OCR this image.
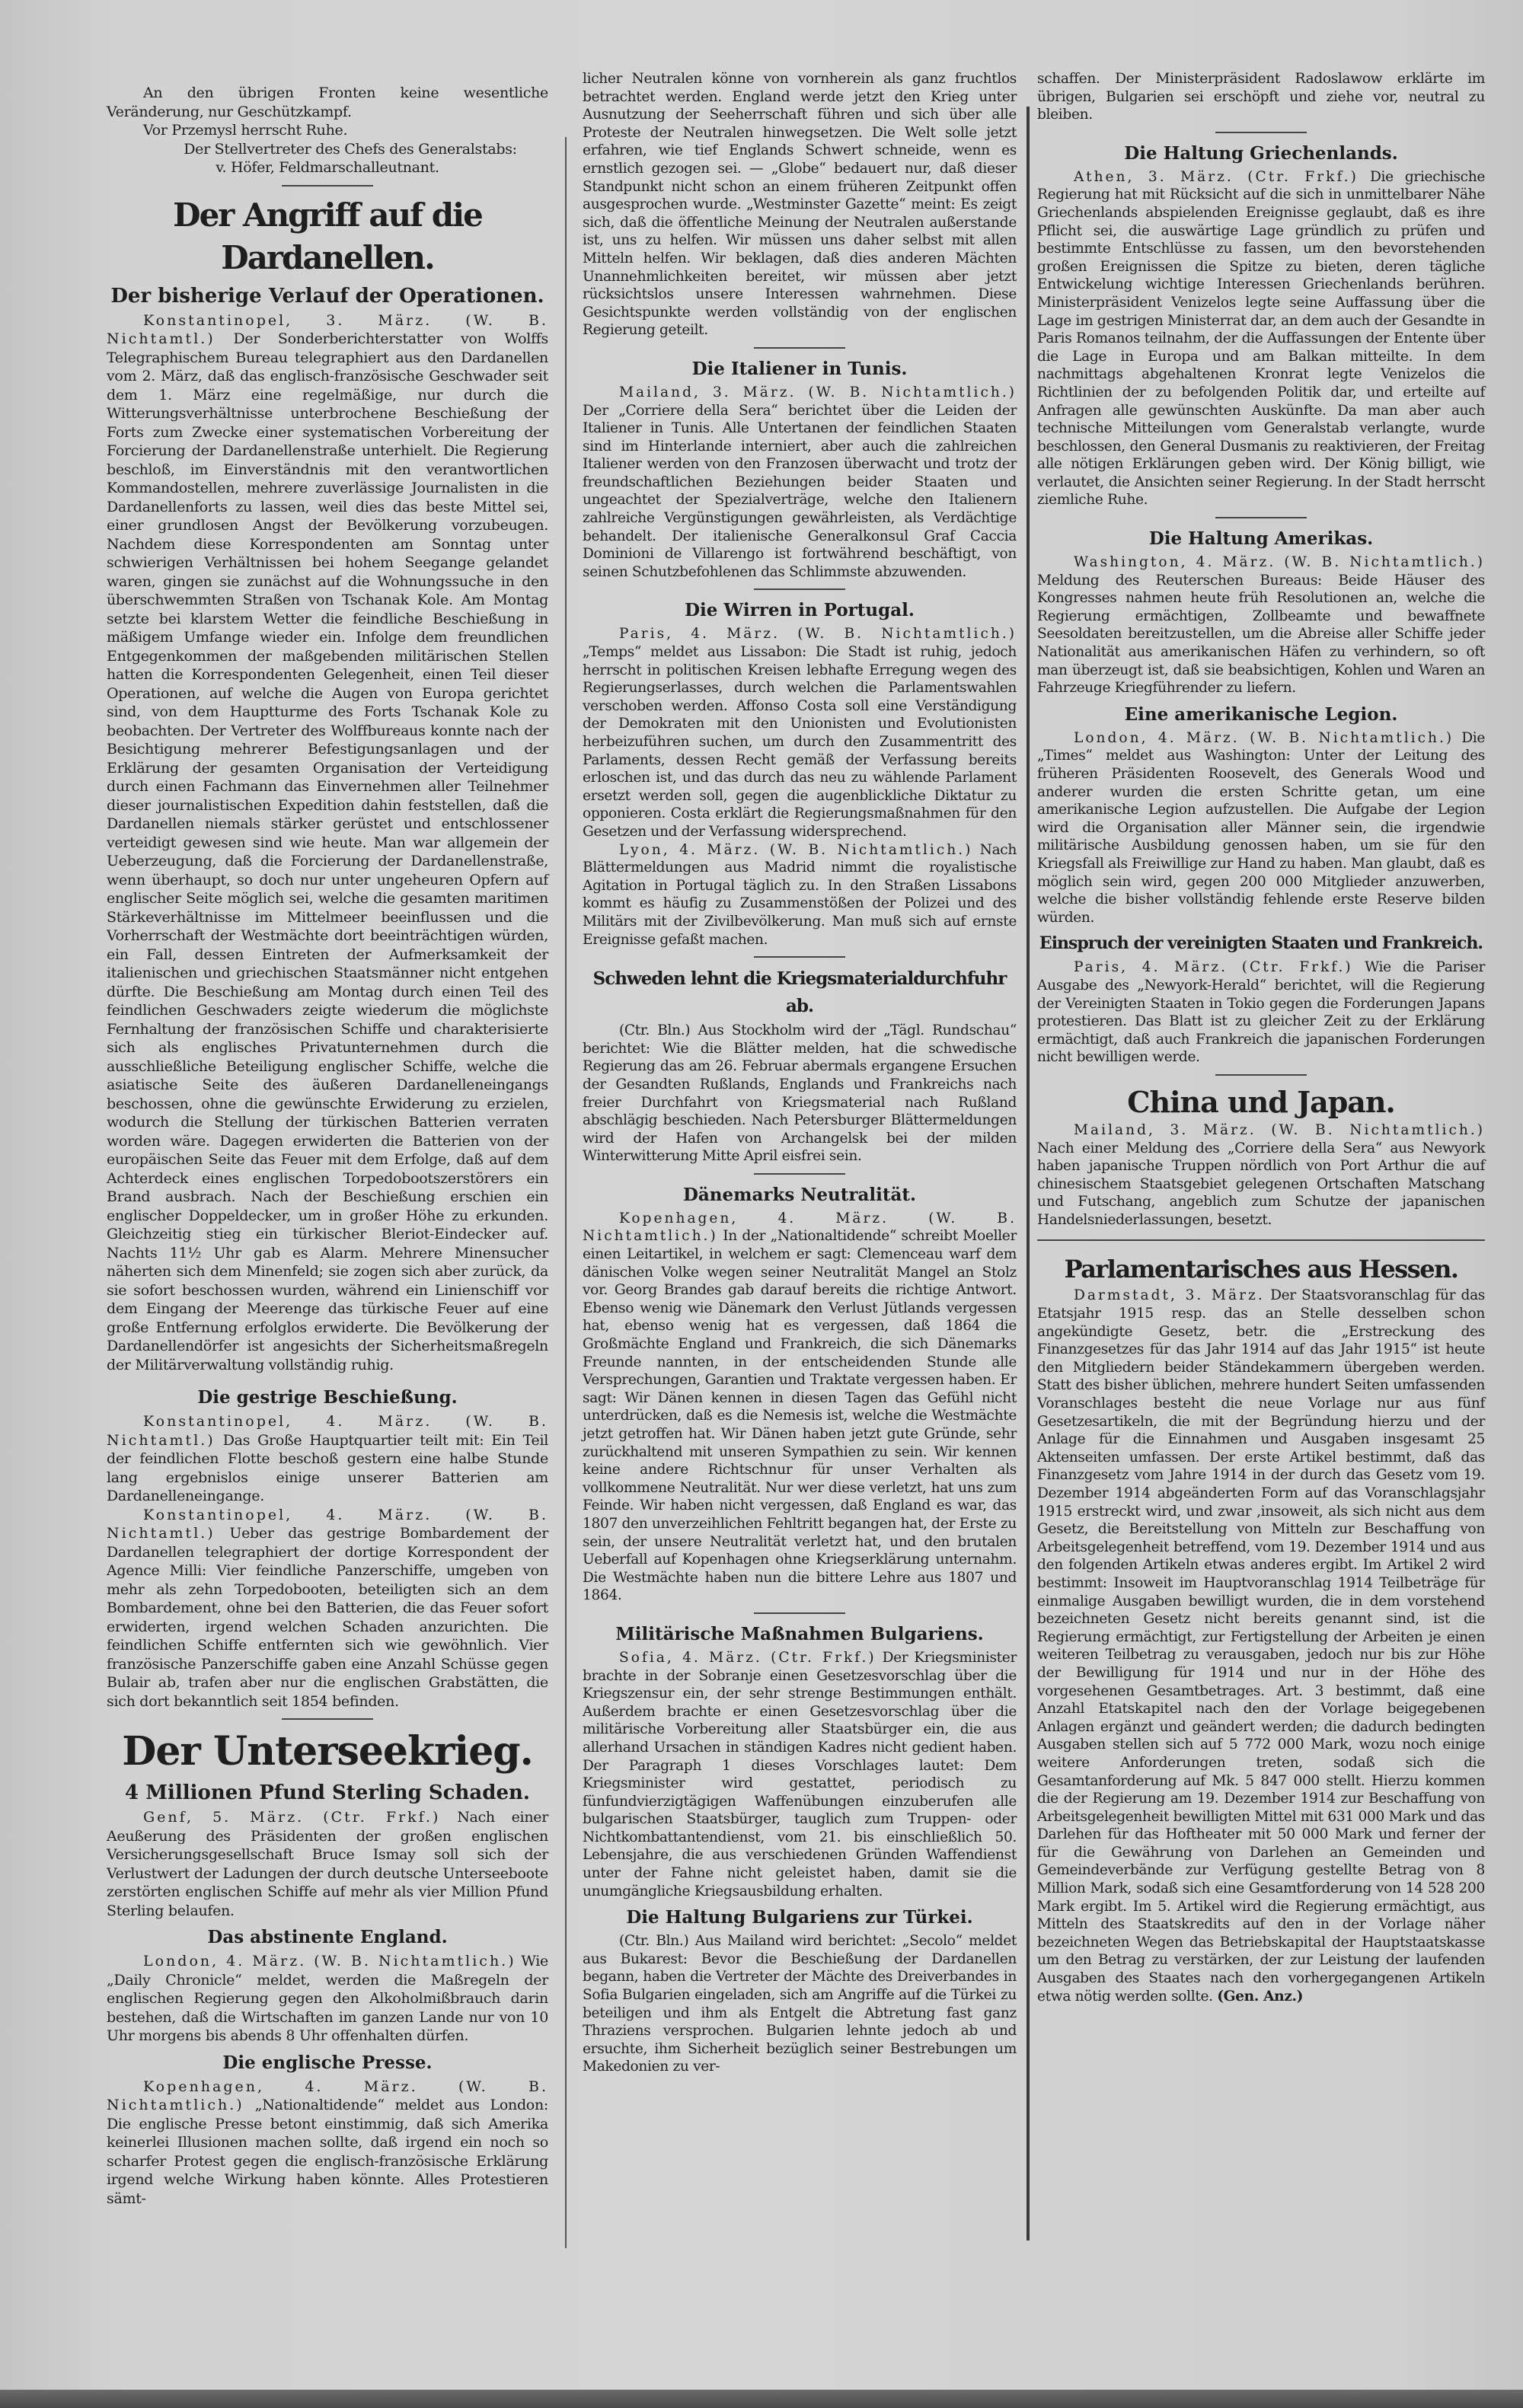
An den übrigen Fronten keine wesentliche Veränderung, nur Geschützkampf.

Vor Przemysl herrscht Ruhe.

Der Stellvertreter des Chefs des Generalstabs:

v. Höfer, Feldmarschalleutnant.

Der Angriff auf die Dardanellen.
Der bisherige Verlauf der Operationen.

Konstantinopel, 3. März. (W. B. Nichtamtl.) Der Sonderberichterstatter von Wolffs Telegraphischem Bureau telegraphiert aus den Dardanellen vom 2. März, daß das englisch-französische Geschwader seit dem 1. März eine regelmäßige, nur durch die Witterungsverhältnisse unterbrochene Beschießung der Forts zum Zwecke einer systematischen Vorbereitung der Forcierung der Dardanellenstraße unterhielt. Die Regierung beschloß, im Einverständnis mit den verantwortlichen Kommandostellen, mehrere zuverlässige Journalisten in die Dardanellenforts zu lassen, weil dies das beste Mittel sei, einer grundlosen Angst der Bevölkerung vorzubeugen. Nachdem diese Korrespondenten am Sonntag unter schwierigen Verhältnissen bei hohem Seegange gelandet waren, gingen sie zunächst auf die Wohnungssuche in den überschwemmten Straßen von Tschanak Kole. Am Montag setzte bei klarstem Wetter die feindliche Beschießung in mäßigem Umfange wieder ein. Infolge dem freundlichen Entgegenkommen der maßgebenden militärischen Stellen hatten die Korrespondenten Gelegenheit, einen Teil dieser Operationen, auf welche die Augen von Europa gerichtet sind, von dem Hauptturme des Forts Tschanak Kole zu beobachten. Der Vertreter des Wolffbureaus konnte nach der Besichtigung mehrerer Befestigungsanlagen und der Erklärung der gesamten Organisation der Verteidigung durch einen Fachmann das Einvernehmen aller Teilnehmer dieser journalistischen Expedition dahin feststellen, daß die Dardanellen niemals stärker gerüstet und entschlossener verteidigt gewesen sind wie heute. Man war allgemein der Ueberzeugung, daß die Forcierung der Dardanellenstraße, wenn überhaupt, so doch nur unter ungeheuren Opfern auf englischer Seite möglich sei, welche die gesamten maritimen Stärkeverhältnisse im Mittelmeer beeinflussen und die Vorherrschaft der Westmächte dort beeinträchtigen würden, ein Fall, dessen Eintreten der Aufmerksamkeit der italienischen und griechischen Staatsmänner nicht entgehen dürfte. Die Beschießung am Montag durch einen Teil des feindlichen Geschwaders zeigte wiederum die möglichste Fernhaltung der französischen Schiffe und charakterisierte sich als englisches Privatunternehmen durch die ausschließliche Beteiligung englischer Schiffe, welche die asiatische Seite des äußeren Dardanelleneingangs beschossen, ohne die gewünschte Erwiderung zu erzielen, wodurch die Stellung der türkischen Batterien verraten worden wäre. Dagegen erwiderten die Batterien von der europäischen Seite das Feuer mit dem Erfolge, daß auf dem Achterdeck eines englischen Torpedobootszerstörers ein Brand ausbrach. Nach der Beschießung erschien ein englischer Doppeldecker, um in großer Höhe zu erkunden. Gleichzeitig stieg ein türkischer Bleriot-Eindecker auf. Nachts 11½ Uhr gab es Alarm. Mehrere Minensucher näherten sich dem Minenfeld; sie zogen sich aber zurück, da sie sofort beschossen wurden, während ein Linienschiff vor dem Eingang der Meerenge das türkische Feuer auf eine große Entfernung erfolglos erwiderte. Die Bevölkerung der Dardanellendörfer ist angesichts der Sicherheitsmaßregeln der Militärverwaltung vollständig ruhig.

Die gestrige Beschießung.

Konstantinopel, 4. März. (W. B. Nichtamtl.) Das Große Hauptquartier teilt mit: Ein Teil der feindlichen Flotte beschoß gestern eine halbe Stunde lang ergebnislos einige unserer Batterien am Dardanelleneingange.

Konstantinopel, 4. März. (W. B. Nichtamtl.) Ueber das gestrige Bombardement der Dardanellen telegraphiert der dortige Korrespondent der Agence Milli: Vier feindliche Panzerschiffe, umgeben von mehr als zehn Torpedobooten, beteiligten sich an dem Bombardement, ohne bei den Batterien, die das Feuer sofort erwiderten, irgend welchen Schaden anzurichten. Die feindlichen Schiffe entfernten sich wie gewöhnlich. Vier französische Panzerschiffe gaben eine Anzahl Schüsse gegen Bulair ab, trafen aber nur die englischen Grabstätten, die sich dort bekanntlich seit 1854 befinden.

Der Unterseekrieg.
4 Millionen Pfund Sterling Schaden.

Genf, 5. März. (Ctr. Frkf.) Nach einer Aeußerung des Präsidenten der großen englischen Versicherungsgesellschaft Bruce Ismay soll sich der Verlustwert der Ladungen der durch deutsche Unterseeboote zerstörten englischen Schiffe auf mehr als vier Million Pfund Sterling belaufen.

Das abstinente England.

London, 4. März. (W. B. Nichtamtlich.) Wie „Daily Chronicle“ meldet, werden die Maßregeln der englischen Regierung gegen den Alkoholmißbrauch darin bestehen, daß die Wirtschaften im ganzen Lande nur von 10 Uhr morgens bis abends 8 Uhr offenhalten dürfen.

Die englische Presse.

Kopenhagen, 4. März. (W. B. Nichtamtlich.) „Nationaltidende“ meldet aus London: Die englische Presse betont einstimmig, daß sich Amerika keinerlei Illusionen machen sollte, daß irgend ein noch so scharfer Protest gegen die englisch-französische Erklärung irgend welche Wirkung haben könnte. Alles Protestieren sämt-

licher Neutralen könne von vornherein als ganz fruchtlos betrachtet werden. England werde jetzt den Krieg unter Ausnutzung der Seeherrschaft führen und sich über alle Proteste der Neutralen hinwegsetzen. Die Welt solle jetzt erfahren, wie tief Englands Schwert schneide, wenn es ernstlich gezogen sei. — „Globe“ bedauert nur, daß dieser Standpunkt nicht schon an einem früheren Zeitpunkt offen ausgesprochen wurde. „Westminster Gazette“ meint: Es zeigt sich, daß die öffentliche Meinung der Neutralen außerstande ist, uns zu helfen. Wir müssen uns daher selbst mit allen Mitteln helfen. Wir beklagen, daß dies anderen Mächten Unannehmlichkeiten bereitet, wir müssen aber jetzt rücksichtslos unsere Interessen wahrnehmen. Diese Gesichtspunkte werden vollständig von der englischen Regierung geteilt.

Die Italiener in Tunis.

Mailand, 3. März. (W. B. Nichtamtlich.) Der „Corriere della Sera“ berichtet über die Leiden der Italiener in Tunis. Alle Untertanen der feindlichen Staaten sind im Hinterlande interniert, aber auch die zahlreichen Italiener werden von den Franzosen überwacht und trotz der freundschaftlichen Beziehungen beider Staaten und ungeachtet der Spezialverträge, welche den Italienern zahlreiche Vergünstigungen gewährleisten, als Verdächtige behandelt. Der italienische Generalkonsul Graf Caccia Dominioni de Villarengo ist fortwährend beschäftigt, von seinen Schutzbefohlenen das Schlimmste abzuwenden.

Die Wirren in Portugal.

Paris, 4. März. (W. B. Nichtamtlich.) „Temps“ meldet aus Lissabon: Die Stadt ist ruhig, jedoch herrscht in politischen Kreisen lebhafte Erregung wegen des Regierungserlasses, durch welchen die Parlamentswahlen verschoben werden. Affonso Costa soll eine Verständigung der Demokraten mit den Unionisten und Evolutionisten herbeizuführen suchen, um durch den Zusammentritt des Parlaments, dessen Recht gemäß der Verfassung bereits erloschen ist, und das durch das neu zu wählende Parlament ersetzt werden soll, gegen die augenblickliche Diktatur zu opponieren. Costa erklärt die Regierungsmaßnahmen für den Gesetzen und der Verfassung widersprechend.

Lyon, 4. März. (W. B. Nichtamtlich.) Nach Blättermeldungen aus Madrid nimmt die royalistische Agitation in Portugal täglich zu. In den Straßen Lissabons kommt es häufig zu Zusammenstößen der Polizei und des Militärs mit der Zivilbevölkerung. Man muß sich auf ernste Ereignisse gefaßt machen.

Schweden lehnt die Kriegsmaterialdurchfuhr ab.

(Ctr. Bln.) Aus Stockholm wird der „Tägl. Rundschau“ berichtet: Wie die Blätter melden, hat die schwedische Regierung das am 26. Februar abermals ergangene Ersuchen der Gesandten Rußlands, Englands und Frankreichs nach freier Durchfahrt von Kriegsmaterial nach Rußland abschlägig beschieden. Nach Petersburger Blättermeldungen wird der Hafen von Archangelsk bei der milden Winterwitterung Mitte April eisfrei sein.

Dänemarks Neutralität.

Kopenhagen, 4. März. (W. B. Nichtamtlich.) In der „Nationaltidende“ schreibt Moeller einen Leitartikel, in welchem er sagt: Clemenceau warf dem dänischen Volke wegen seiner Neutralität Mangel an Stolz vor. Georg Brandes gab darauf bereits die richtige Antwort. Ebenso wenig wie Dänemark den Verlust Jütlands vergessen hat, ebenso wenig hat es vergessen, daß 1864 die Großmächte England und Frankreich, die sich Dänemarks Freunde nannten, in der entscheidenden Stunde alle Versprechungen, Garantien und Traktate vergessen haben. Er sagt: Wir Dänen kennen in diesen Tagen das Gefühl nicht unterdrücken, daß es die Nemesis ist, welche die Westmächte jetzt getroffen hat. Wir Dänen haben jetzt gute Gründe, sehr zurückhaltend mit unseren Sympathien zu sein. Wir kennen keine andere Richtschnur für unser Verhalten als vollkommene Neutralität. Nur wer diese verletzt, hat uns zum Feinde. Wir haben nicht vergessen, daß England es war, das 1807 den unverzeihlichen Fehltritt begangen hat, der Erste zu sein, der unsere Neutralität verletzt hat, und den brutalen Ueberfall auf Kopenhagen ohne Kriegserklärung unternahm. Die Westmächte haben nun die bittere Lehre aus 1807 und 1864.

Militärische Maßnahmen Bulgariens.

Sofia, 4. März. (Ctr. Frkf.) Der Kriegsminister brachte in der Sobranje einen Gesetzesvorschlag über die Kriegszensur ein, der sehr strenge Bestimmungen enthält. Außerdem brachte er einen Gesetzesvorschlag über die militärische Vorbereitung aller Staatsbürger ein, die aus allerhand Ursachen in ständigen Kadres nicht gedient haben. Der Paragraph 1 dieses Vorschlages lautet: Dem Kriegsminister wird gestattet, periodisch zu fünfundvierzigtägigen Waffenübungen einzuberufen alle bulgarischen Staatsbürger, tauglich zum Truppen- oder Nichtkombattantendienst, vom 21. bis einschließlich 50. Lebensjahre, die aus verschiedenen Gründen Waffendienst unter der Fahne nicht geleistet haben, damit sie die unumgängliche Kriegsausbildung erhalten.

Die Haltung Bulgariens zur Türkei.

(Ctr. Bln.) Aus Mailand wird berichtet: „Secolo“ meldet aus Bukarest: Bevor die Beschießung der Dardanellen begann, haben die Vertreter der Mächte des Dreiverbandes in Sofia Bulgarien eingeladen, sich am Angriffe auf die Türkei zu beteiligen und ihm als Entgelt die Abtretung fast ganz Thraziens versprochen. Bulgarien lehnte jedoch ab und ersuchte, ihm Sicherheit bezüglich seiner Bestrebungen um Makedonien zu ver-

schaffen. Der Ministerpräsident Radoslawow erklärte im übrigen, Bulgarien sei erschöpft und ziehe vor, neutral zu bleiben.

Die Haltung Griechenlands.

Athen, 3. März. (Ctr. Frkf.) Die griechische Regierung hat mit Rücksicht auf die sich in unmittelbarer Nähe Griechenlands abspielenden Ereignisse geglaubt, daß es ihre Pflicht sei, die auswärtige Lage gründlich zu prüfen und bestimmte Entschlüsse zu fassen, um den bevorstehenden großen Ereignissen die Spitze zu bieten, deren tägliche Entwickelung wichtige Interessen Griechenlands berühren. Ministerpräsident Venizelos legte seine Auffassung über die Lage im gestrigen Ministerrat dar, an dem auch der Gesandte in Paris Romanos teilnahm, der die Auffassungen der Entente über die Lage in Europa und am Balkan mitteilte. In dem nachmittags abgehaltenen Kronrat legte Venizelos die Richtlinien der zu befolgenden Politik dar, und erteilte auf Anfragen alle gewünschten Auskünfte. Da man aber auch technische Mitteilungen vom Generalstab verlangte, wurde beschlossen, den General Dusmanis zu reaktivieren, der Freitag alle nötigen Erklärungen geben wird. Der König billigt, wie verlautet, die Ansichten seiner Regierung. In der Stadt herrscht ziemliche Ruhe.

Die Haltung Amerikas.

Washington, 4. März. (W. B. Nichtamtlich.) Meldung des Reuterschen Bureaus: Beide Häuser des Kongresses nahmen heute früh Resolutionen an, welche die Regierung ermächtigen, Zollbeamte und bewaffnete Seesoldaten bereitzustellen, um die Abreise aller Schiffe jeder Nationalität aus amerikanischen Häfen zu verhindern, so oft man überzeugt ist, daß sie beabsichtigen, Kohlen und Waren an Fahrzeuge Kriegführender zu liefern.

Eine amerikanische Legion.

London, 4. März. (W. B. Nichtamtlich.) Die „Times“ meldet aus Washington: Unter der Leitung des früheren Präsidenten Roosevelt, des Generals Wood und anderer wurden die ersten Schritte getan, um eine amerikanische Legion aufzustellen. Die Aufgabe der Legion wird die Organisation aller Männer sein, die irgendwie militärische Ausbildung genossen haben, um sie für den Kriegsfall als Freiwillige zur Hand zu haben. Man glaubt, daß es möglich sein wird, gegen 200 000 Mitglieder anzuwerben, welche die bisher vollständig fehlende erste Reserve bilden würden.

Einspruch der vereinigten Staaten und Frankreich.

Paris, 4. März. (Ctr. Frkf.) Wie die Pariser Ausgabe des „Newyork-Herald“ berichtet, will die Regierung der Vereinigten Staaten in Tokio gegen die Forderungen Japans protestieren. Das Blatt ist zu gleicher Zeit zu der Erklärung ermächtigt, daß auch Frankreich die japanischen Forderungen nicht bewilligen werde.

China und Japan.

Mailand, 3. März. (W. B. Nichtamtlich.) Nach einer Meldung des „Corriere della Sera“ aus Newyork haben japanische Truppen nördlich von Port Arthur die auf chinesischem Staatsgebiet gelegenen Ortschaften Matschang und Futschang, angeblich zum Schutze der japanischen Handelsniederlassungen, besetzt.

Parlamentarisches aus Hessen.

Darmstadt, 3. März. Der Staatsvoranschlag für das Etatsjahr 1915 resp. das an Stelle desselben schon angekündigte Gesetz, betr. die „Erstreckung des Finanzgesetzes für das Jahr 1914 auf das Jahr 1915“ ist heute den Mitgliedern beider Ständekammern übergeben werden. Statt des bisher üblichen, mehrere hundert Seiten umfassenden Voranschlages besteht die neue Vorlage nur aus fünf Gesetzesartikeln, die mit der Begründung hierzu und der Anlage für die Einnahmen und Ausgaben insgesamt 25 Aktenseiten umfassen. Der erste Artikel bestimmt, daß das Finanzgesetz vom Jahre 1914 in der durch das Gesetz vom 19. Dezember 1914 abgeänderten Form auf das Voranschlagsjahr 1915 erstreckt wird, und zwar ‚insoweit, als sich nicht aus dem Gesetz, die Bereitstellung von Mitteln zur Beschaffung von Arbeitsgelegenheit betreffend, vom 19. Dezember 1914 und aus den folgenden Artikeln etwas anderes ergibt. Im Artikel 2 wird bestimmt: Insoweit im Hauptvoranschlag 1914 Teilbeträge für einmalige Ausgaben bewilligt wurden, die in dem vorstehend bezeichneten Gesetz nicht bereits genannt sind, ist die Regierung ermächtigt, zur Fertigstellung der Arbeiten je einen weiteren Teilbetrag zu verausgaben, jedoch nur bis zur Höhe der Bewilligung für 1914 und nur in der Höhe des vorgesehenen Gesamtbetrages. Art. 3 bestimmt, daß eine Anzahl Etatskapitel nach den der Vorlage beigegebenen Anlagen ergänzt und geändert werden; die dadurch bedingten Ausgaben stellen sich auf 5 772 000 Mark, wozu noch einige weitere Anforderungen treten, sodaß sich die Gesamtanforderung auf Mk. 5 847 000 stellt. Hierzu kommen die der Regierung am 19. Dezember 1914 zur Beschaffung von Arbeitsgelegenheit bewilligten Mittel mit 631 000 Mark und das Darlehen für das Hoftheater mit 50 000 Mark und ferner der für die Gewährung von Darlehen an Gemeinden und Gemeindeverbände zur Verfügung gestellte Betrag von 8 Million Mark, sodaß sich eine Gesamtforderung von 14 528 200 Mark ergibt. Im 5. Artikel wird die Regierung ermächtigt, aus Mitteln des Staatskredits auf den in der Vorlage näher bezeichneten Wegen das Betriebskapital der Hauptstaatskasse um den Betrag zu verstärken, der zur Leistung der laufenden Ausgaben des Staates nach den vorhergegangenen Artikeln etwa nötig werden sollte. (Gen. Anz.)
